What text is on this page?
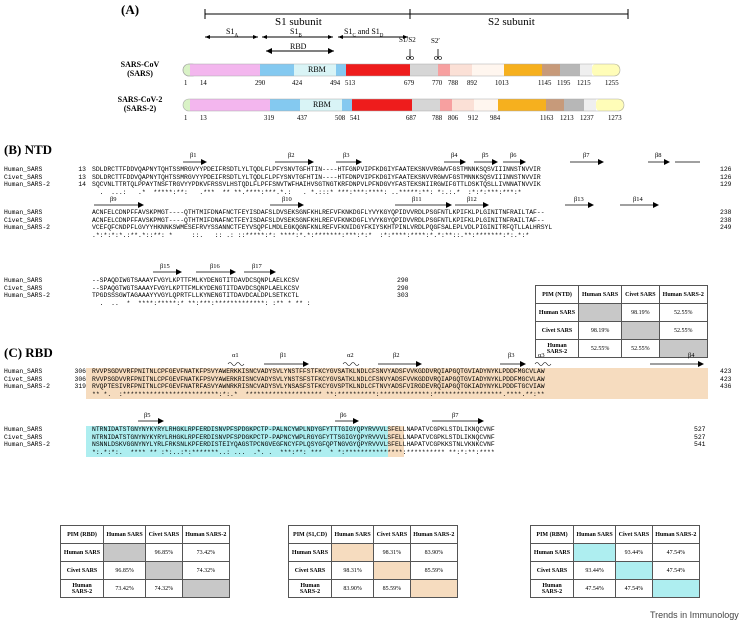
(A)
S1 subunit	S2 subunit
$S1_A$
$S1_B$
$S1_C$ and $S1_D$
RBD
S1/S2 S2′
RBM
RBM
SARS-CoV
(SARS)
SARS-CoV-2
(SARS-2)
1 14	290	424	494 513	679	770 788 892	1013	1145 1195 1215 1255
1 13	319	437	508 541	687 788 806 912 984	1163 1213 1237 1273
(B) NTD	β1	β2	β3	β4	β5	β6	β7	β8
Human_SARS	13 SDLDRCTTFDDVQAPNYTQHTSSMRGVYYPDEIFRSDTLYLTQDLFLPFYSNVTGFHTIN----HTFGNPVIPFKDGIYFAATEKSNVVRGWVFGSTMNNKSQSVIIINNSTNVVIR
Civet_SARS	13 SDLDRCTTFDDVQAPNYTQHTSSMRGVYYPDEIFRSDTLYLTQDLFLPFYSNVTGFHTIN----HTFDNPVIPFKDGIYFAATEKSNVVRGWVFGSTMNNKSQSVIIINNSTNVVIR
Human_SARS-2	14 SQCVNLTTRTQLPPAYTNSFTRGVYYPDKVFRSSVLHSTQDLFLPFFSNVTWFHAIHVSGTNGTKRFDNPVLPFNDGVYFASTEKSNIIRGWIFGTTLDSKTQSLLIVNNATNVVIK
.  ...:   .*  *****:**:   .***  ** **.****:***.*.:   . *.:::* ***:***:****: ..*****:**: *:.:.*  :*:*:***:***:*
126
126
129
β9	β10	β11	β12	β13	β14
Human_SARS	ACNFELCDNPFFAVSKPMGT----QTHTMIFDNAFNCTFEYISDAFSLDVSEKSGNFKHLREFVFKNKDGFLYVYKGYQPIDVVRDLPSGFNTLKPIFKLPLGINITNFRAILTAF--
Civet_SARS	ACNFELCDNPFFAVSKPMGT----QTHTMIFDNAFNCTFEYISDAFSLDVSEKSGNFKHLREFVFKNKDGFLYVYKGYQPIDVVRDLPSGFNTLKPIFKLPLGINITNFRAILTAF--
Human_SARS-2	VCEFQFCNDPFLGVYYHKNNKSWMESEFRVYSSANNCTFEYVSQPFLMDLEGKQGNFKNLREFVFKNIDGYFKIYSKHTPINLVRDLPQGFSALEPLVDLPIGINITRFQTLLALHRSYL
.*:*:*:*.:**.*::**: *     ::.   :: .: ::*****:*: ****:*.*:*******:***:*:*  :*:****:****:*.*:**::.**:*******:*:.*:*
238
238
249
β15	β16	β17
Human_SARS	--SPAQDIWGTSAAAYFVGYLKPTTFMLKYDENGTITDAVDCSQNPLAELKCSV
Civet_SARS	--SPAQGTWGTSAAAYFVGYLKPTTFMLKYDENGTITDAVDCSQNPLAELKCSV
Human_SARS-2	TPGDSSSGWTAGAAAYYVGYLQPRTFLLKYNENGTITDAVDCALDPLSETKCTL
.  ..  *  ****:*****:* **:***:*************: :** * ** :
290
290
303	PIM (NTD)	Human SARS	Civet SARS	Human SARS-2
Human SARS		98.19%	52.55%
Civet SARS	98.19%		52.55%
Human SARS-2	52.55%	52.55%	
(C) RBD	α1	β1	α2	β2	β3	α3	β4
Human_SARS	306 RVVPSGDVVRFPNITNLCPFGEVFNATKFPSVYAWERKKISNCVADYSVLYNSTFFSTFKCYGVSATKLNDLCFSNVYADSFVVKGDDVRQIAPGQTGVIADYNYKLPDDFMGCVLAW
Civet_SARS	306 RVVPSGDVVRFPNITNLCPFGEVFNATKFPSVYAWERKRISNCVADYSVLYNSTSFSTFKCYGVSATKLNDLCFSNVYADSFVVKGDDVRQIAPGQTGVIADYNYKLPDDFMGCVLAW
Human_SARS-2	319 RVQPTESIVRFPNITNLCPFGEVFNATRFASVYAWNRKRISNCVADYSVLYNSASFSTFKCYGVSPTKLNDLCFTNVYADSFVIRGDEVRQIAPGQTGKIADYNYKLPDDFTGCVIAW
** *.  :*************************:*:.*  ******************** **:**********:*************:******************.****.**:**
423
423
436
β5	β6	β7
Human_SARS	NTRNIDATSTGNYNYKYRYLRHGKLRPFERDISNVPFSPDGKPCTP-PALNCYWPLNDYGFYTTTGIGYQPYRVVVLSFELLNAPATVCGPKLSTDLIKNQCVNF
Civet_SARS	NTRNIDATSTGNYNYKYRYLRHGKLRPFERDISNVPFSPDGKPCTP-PAPNCYWPLRGYGFYTTSGIGYQPYRVVVLSFELLNAPATVCGPKLSTDLIKNQCVNF
Human_SARS-2	NSNNLDSKVGGNYNYLYRLFRKSNLKPFERDISTEIYQAGSTPCNGVEGFNCYFPLQSYGFQPTNGVGYQPYRVVVLSFELLHAPATVCGPKKSTNLVKNKCVNF
*:.*:*:.  **** ** :*:..:*:*******..: ...  .*. .  ***:**: ***  * *:***************:********** **:*:**:****
527
527
541
PIM (RBD)	Human SARS	Civet SARS	Human SARS-2
Human SARS		96.85%	73.42%
Civet SARS	96.85%		74.32%
Human SARS-2	73.42%	74.32%	
PIM (S1ₐCD)	Human SARS	Civet SARS	Human SARS-2
Human SARS		98.31%	83.90%
Civet SARS	98.31%		85.59%
Human SARS-2	83.90%	85.59%	
PIM (RBM)	Human SARS	Civet SARS	Human SARS-2
Human SARS		93.44%	47.54%
Civet SARS	93.44%		47.54%
Human SARS-2	47.54%	47.54%	
Trends in Immunology
